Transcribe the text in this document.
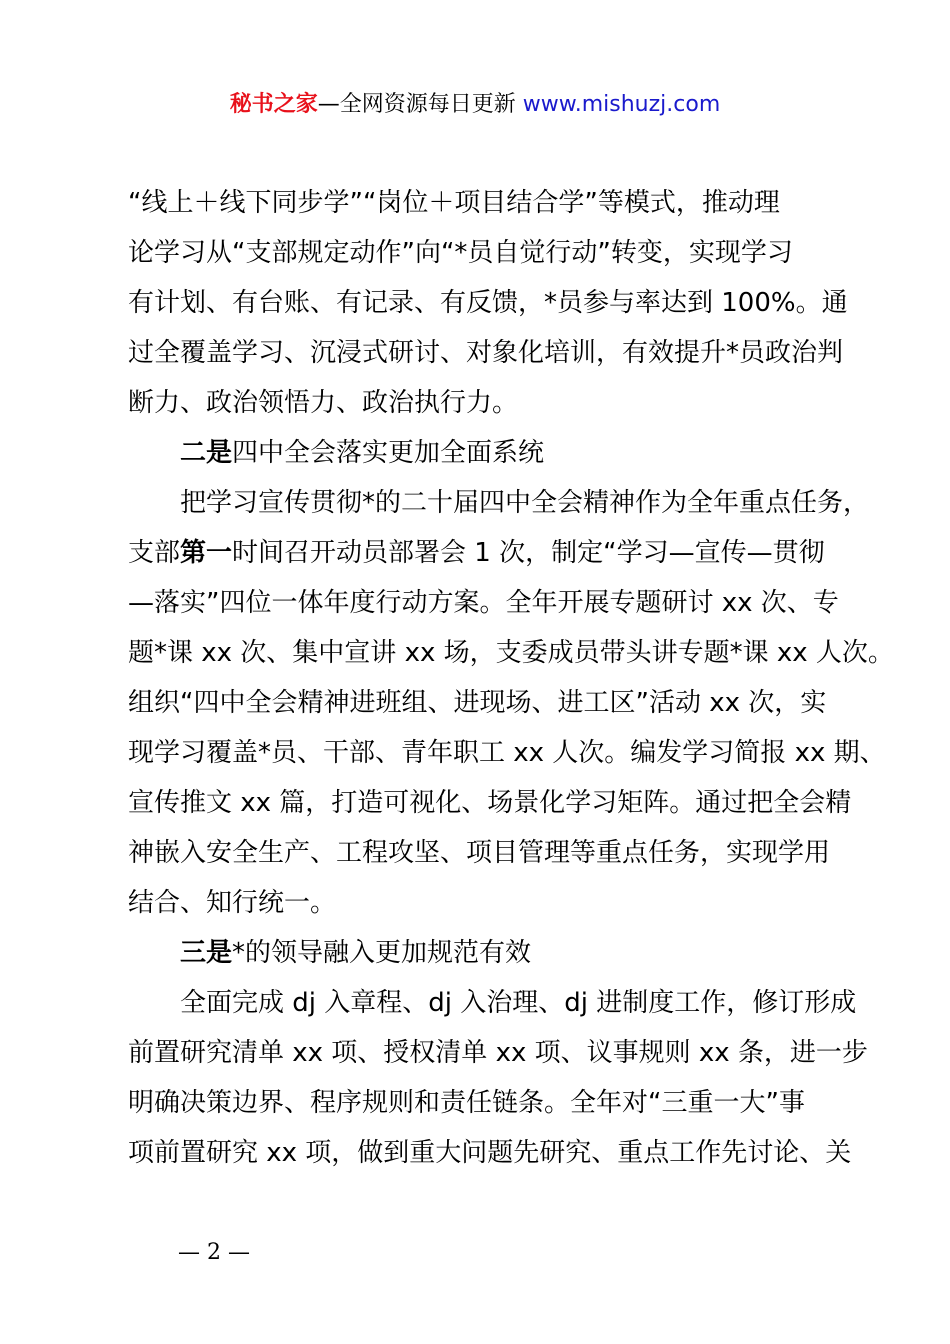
秘书之家—全网资源每日更新 www.mishuzj.com
“线上＋线下同步学”“岗位＋项目结合学”等模式，推动理
论学习从“支部规定动作”向“*员自觉行动”转变，实现学习
有计划、有台账、有记录、有反馈，*员参与率达到 100%。通
过全覆盖学习、沉浸式研讨、对象化培训，有效提升*员政治判
断力、政治领悟力、政治执行力。
二是四中全会落实更加全面系统
把学习宣传贯彻*的二十届四中全会精神作为全年重点任务，
支部第一时间召开动员部署会 1 次，制定“学习—宣传—贯彻
—落实”四位一体年度行动方案。全年开展专题研讨 xx 次、专
题*课 xx 次、集中宣讲 xx 场，支委成员带头讲专题*课 xx 人次。
组织“四中全会精神进班组、进现场、进工区”活动 xx 次，实
现学习覆盖*员、干部、青年职工 xx 人次。编发学习简报 xx 期、
宣传推文 xx 篇，打造可视化、场景化学习矩阵。通过把全会精
神嵌入安全生产、工程攻坚、项目管理等重点任务，实现学用
结合、知行统一。
三是*的领导融入更加规范有效
全面完成 dj 入章程、dj 入治理、dj 进制度工作，修订形成
前置研究清单 xx 项、授权清单 xx 项、议事规则 xx 条，进一步
明确决策边界、程序规则和责任链条。全年对“三重一大”事
项前置研究 xx 项，做到重大问题先研究、重点工作先讨论、关
— 2 —
